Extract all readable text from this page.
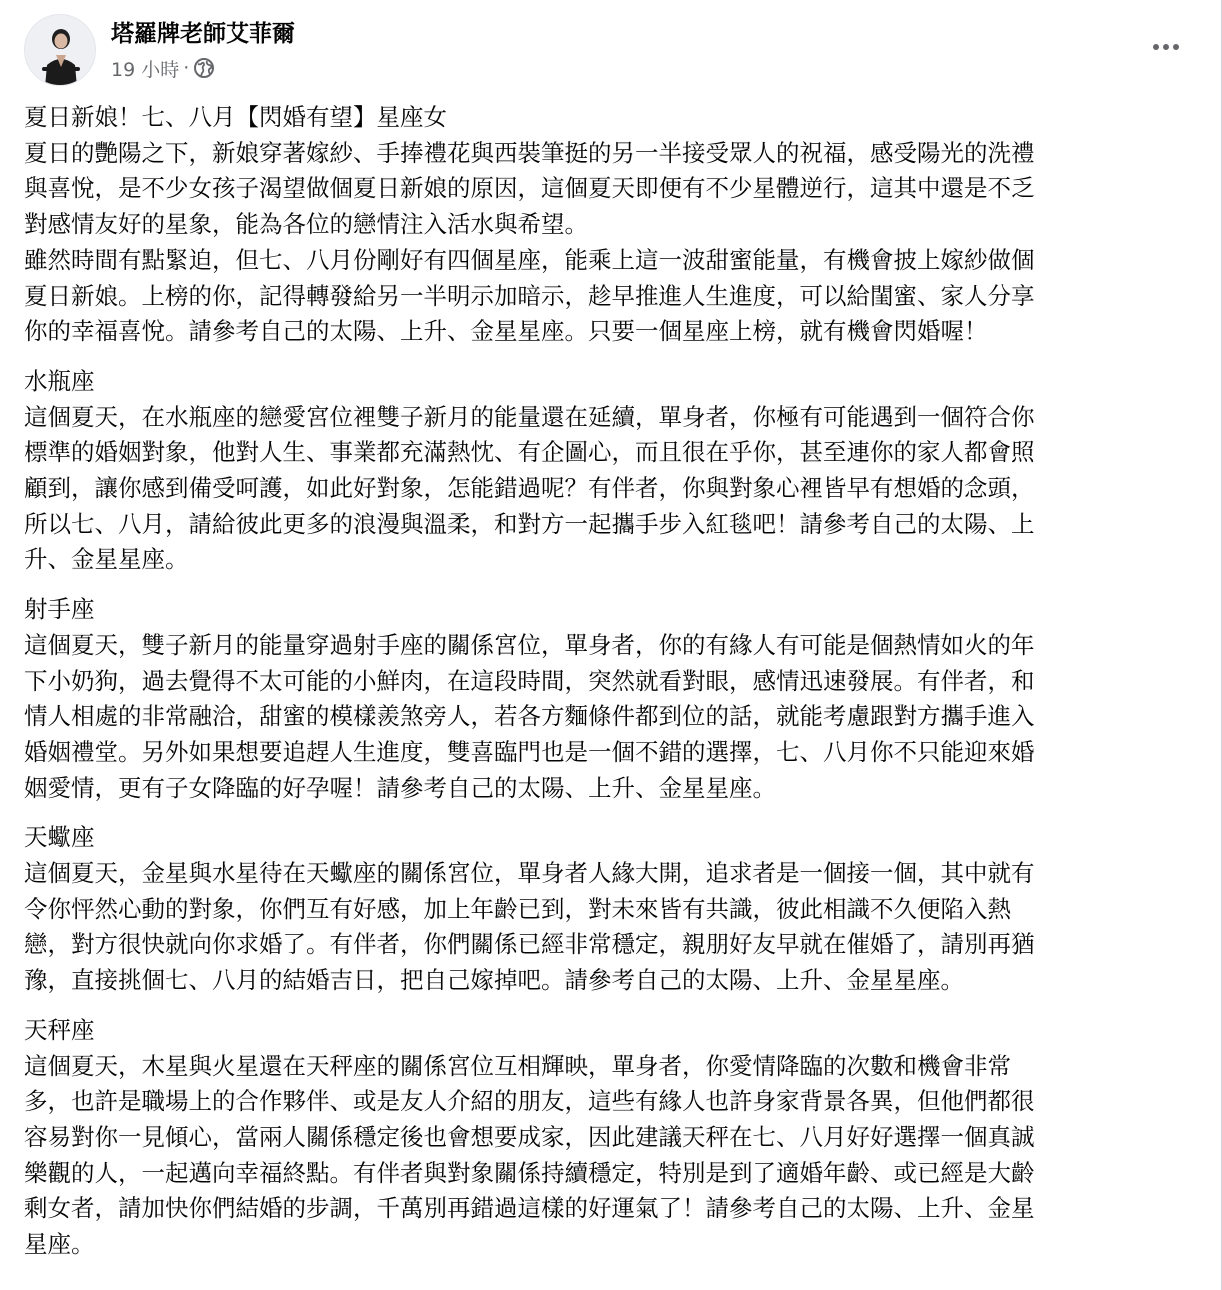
塔羅牌老師艾菲爾
19 小時 ·

夏日新娘！七、八月【閃婚有望】星座女

夏日的艷陽之下，新娘穿著嫁紗、手捧禮花與西裝筆挺的另一半接受眾人的祝福，感受陽光的洗禮

與喜悅，是不少女孩子渴望做個夏日新娘的原因，這個夏天即便有不少星體逆行，這其中還是不乏

對感情友好的星象，能為各位的戀情注入活水與希望。

雖然時間有點緊迫，但七、八月份剛好有四個星座，能乘上這一波甜蜜能量，有機會披上嫁紗做個

夏日新娘。上榜的你，記得轉發給另一半明示加暗示，趁早推進人生進度，可以給閨蜜、家人分享

你的幸福喜悅。請參考自己的太陽、上升、金星星座。只要一個星座上榜，就有機會閃婚喔！

水瓶座

這個夏天，在水瓶座的戀愛宮位裡雙子新月的能量還在延續，單身者，你極有可能遇到一個符合你

標準的婚姻對象，他對人生、事業都充滿熱忱、有企圖心，而且很在乎你，甚至連你的家人都會照

顧到，讓你感到備受呵護，如此好對象，怎能錯過呢？有伴者，你與對象心裡皆早有想婚的念頭，

所以七、八月，請給彼此更多的浪漫與溫柔，和對方一起攜手步入紅毯吧！請參考自己的太陽、上

升、金星星座。

射手座

這個夏天，雙子新月的能量穿過射手座的關係宮位，單身者，你的有緣人有可能是個熱情如火的年

下小奶狗，過去覺得不太可能的小鮮肉，在這段時間，突然就看對眼，感情迅速發展。有伴者，和

情人相處的非常融洽，甜蜜的模樣羨煞旁人，若各方麵條件都到位的話，就能考慮跟對方攜手進入

婚姻禮堂。另外如果想要追趕人生進度，雙喜臨門也是一個不錯的選擇，七、八月你不只能迎來婚

姻愛情，更有子女降臨的好孕喔！請參考自己的太陽、上升、金星星座。

天蠍座

這個夏天，金星與水星待在天蠍座的關係宮位，單身者人緣大開，追求者是一個接一個，其中就有

令你怦然心動的對象，你們互有好感，加上年齡已到，對未來皆有共識，彼此相識不久便陷入熱

戀，對方很快就向你求婚了。有伴者，你們關係已經非常穩定，親朋好友早就在催婚了，請別再猶

豫，直接挑個七、八月的結婚吉日，把自己嫁掉吧。請參考自己的太陽、上升、金星星座。

天秤座

這個夏天，木星與火星還在天秤座的關係宮位互相輝映，單身者，你愛情降臨的次數和機會非常

多，也許是職場上的合作夥伴、或是友人介紹的朋友，這些有緣人也許身家背景各異，但他們都很

容易對你一見傾心，當兩人關係穩定後也會想要成家，因此建議天秤在七、八月好好選擇一個真誠

樂觀的人，一起邁向幸福終點。有伴者與對象關係持續穩定，特別是到了適婚年齡、或已經是大齡

剩女者，請加快你們結婚的步調，千萬別再錯過這樣的好運氣了！請參考自己的太陽、上升、金星

星座。
